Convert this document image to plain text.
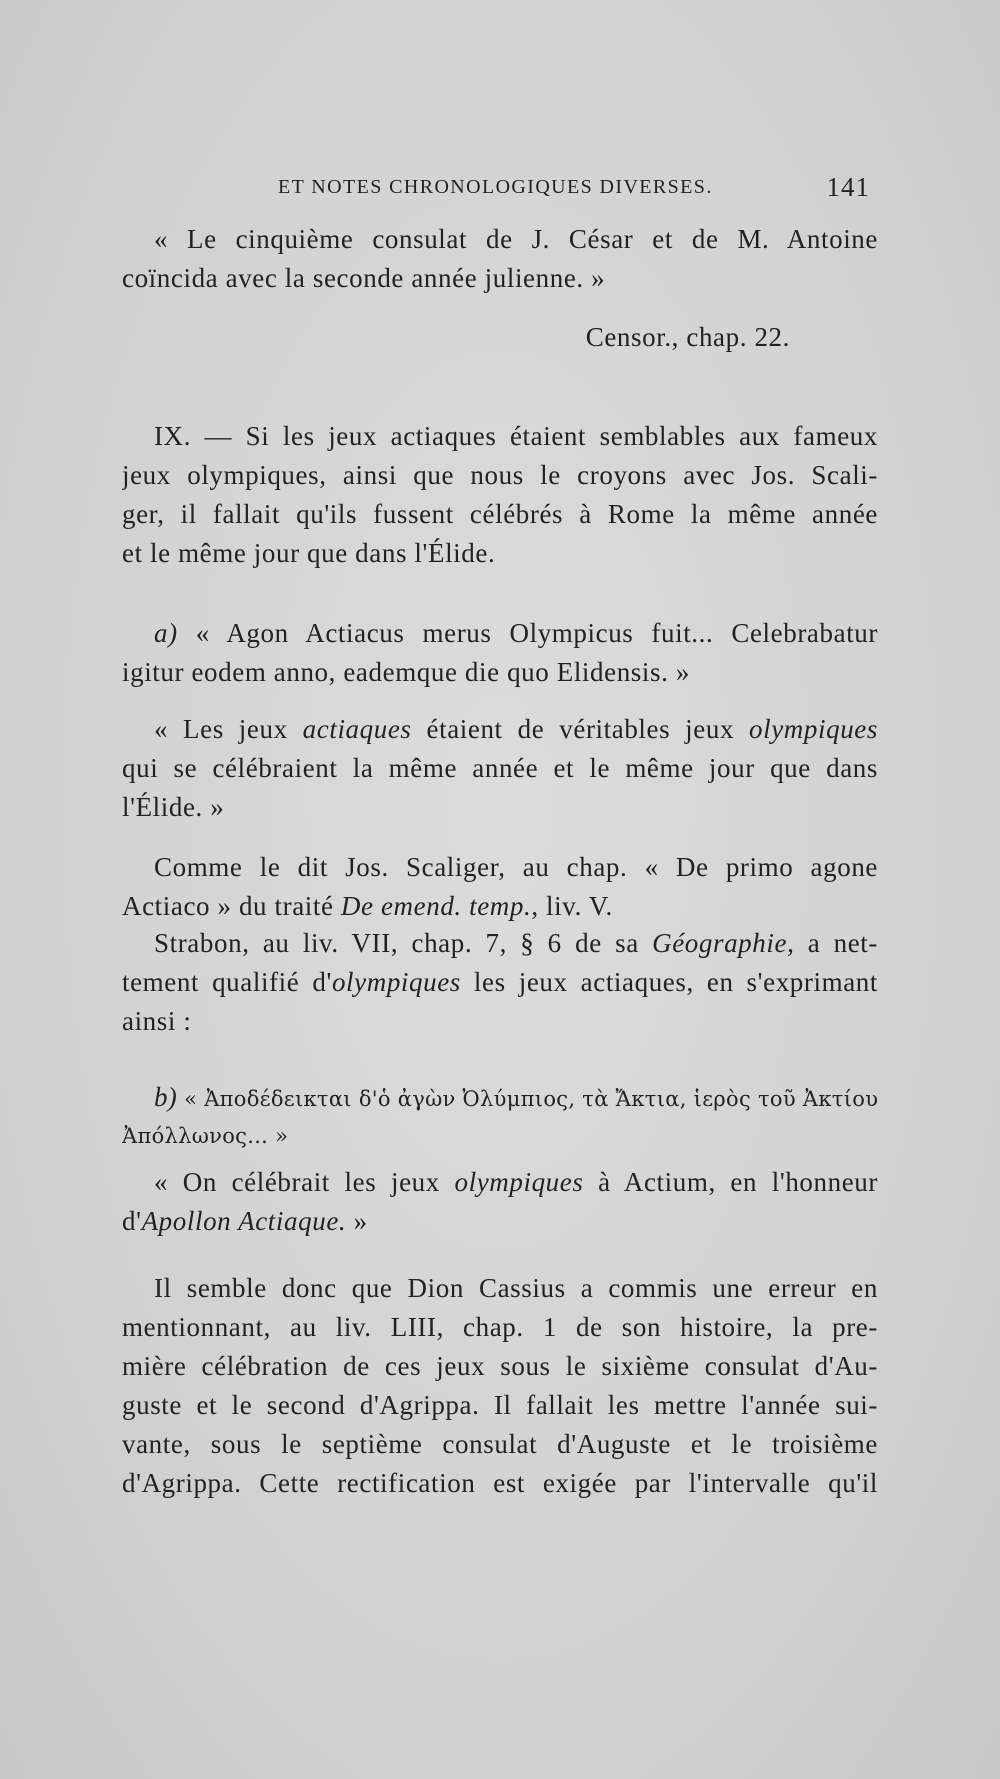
ET NOTES CHRONOLOGIQUES DIVERSES.	141
« Le cinquième consulat de J. César et de M. Antoine
coïncida avec la seconde année julienne. »
Censor., chap. 22.
IX. — Si les jeux actiaques étaient semblables aux fameux
jeux olympiques, ainsi que nous le croyons avec Jos. Scali-
ger, il fallait qu'ils fussent célébrés à Rome la même année
et le même jour que dans l'Élide.
a) « Agon Actiacus merus Olympicus fuit... Celebrabatur
igitur eodem anno, eademque die quo Elidensis. »
« Les jeux actiaques étaient de véritables jeux olympiques
qui se célébraient la même année et le même jour que dans
l'Élide. »
Comme le dit Jos. Scaliger, au chap. « De primo agone
Actiaco » du traité De emend. temp., liv. V.
Strabon, au liv. VII, chap. 7, § 6 de sa Géographie, a net-
tement qualifié d'olympiques les jeux actiaques, en s'exprimant
ainsi :
b) « Ἀποδέδεικται δ'ὁ ἀγὼν Ὀλύμπιος, τὰ Ἄκτια, ἱερὸς τοῦ Ἀκτίου
Ἀπόλλωνος... »
« On célébrait les jeux olympiques à Actium, en l'honneur
d'Apollon Actiaque. »
Il semble donc que Dion Cassius a commis une erreur en
mentionnant, au liv. LIII, chap. 1 de son histoire, la pre-
mière célébration de ces jeux sous le sixième consulat d'Au-
guste et le second d'Agrippa. Il fallait les mettre l'année sui-
vante, sous le septième consulat d'Auguste et le troisième
d'Agrippa. Cette rectification est exigée par l'intervalle qu'il
